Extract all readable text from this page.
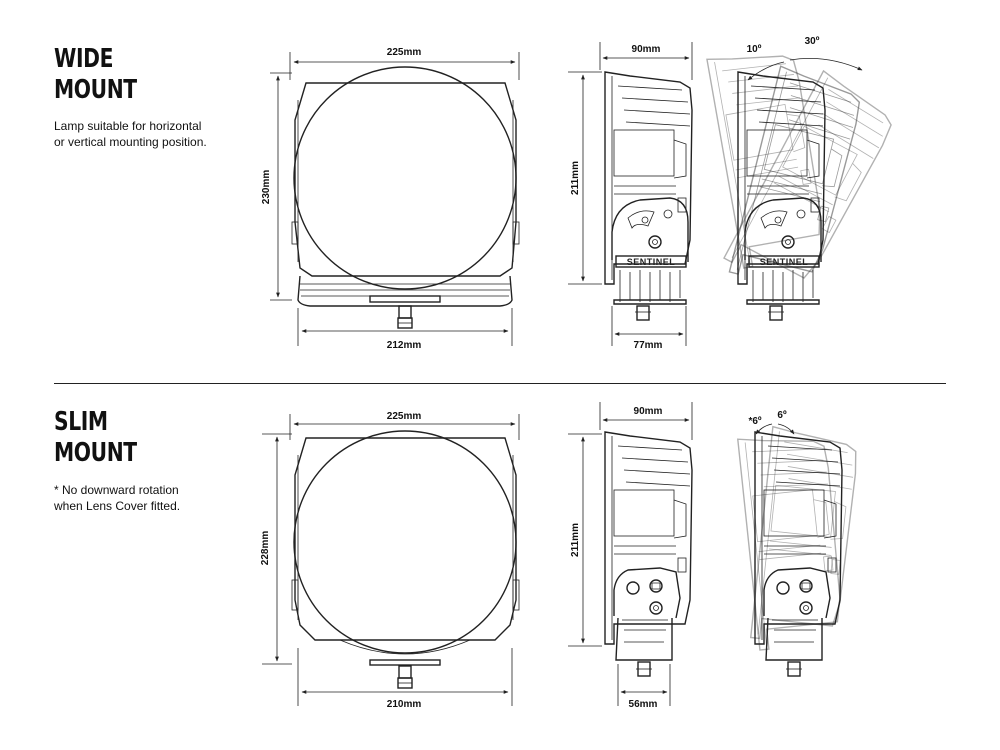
WIDE
MOUNT
Lamp suitable for horizontal
or vertical mounting position.
SLIM
MOUNT
* No downward rotation
when Lens Cover fitted.
225mm
230mm
212mm
90mm
211mm
77mm
10º
30º
225mm
228mm
210mm
90mm
211mm
56mm
*6º
6º
